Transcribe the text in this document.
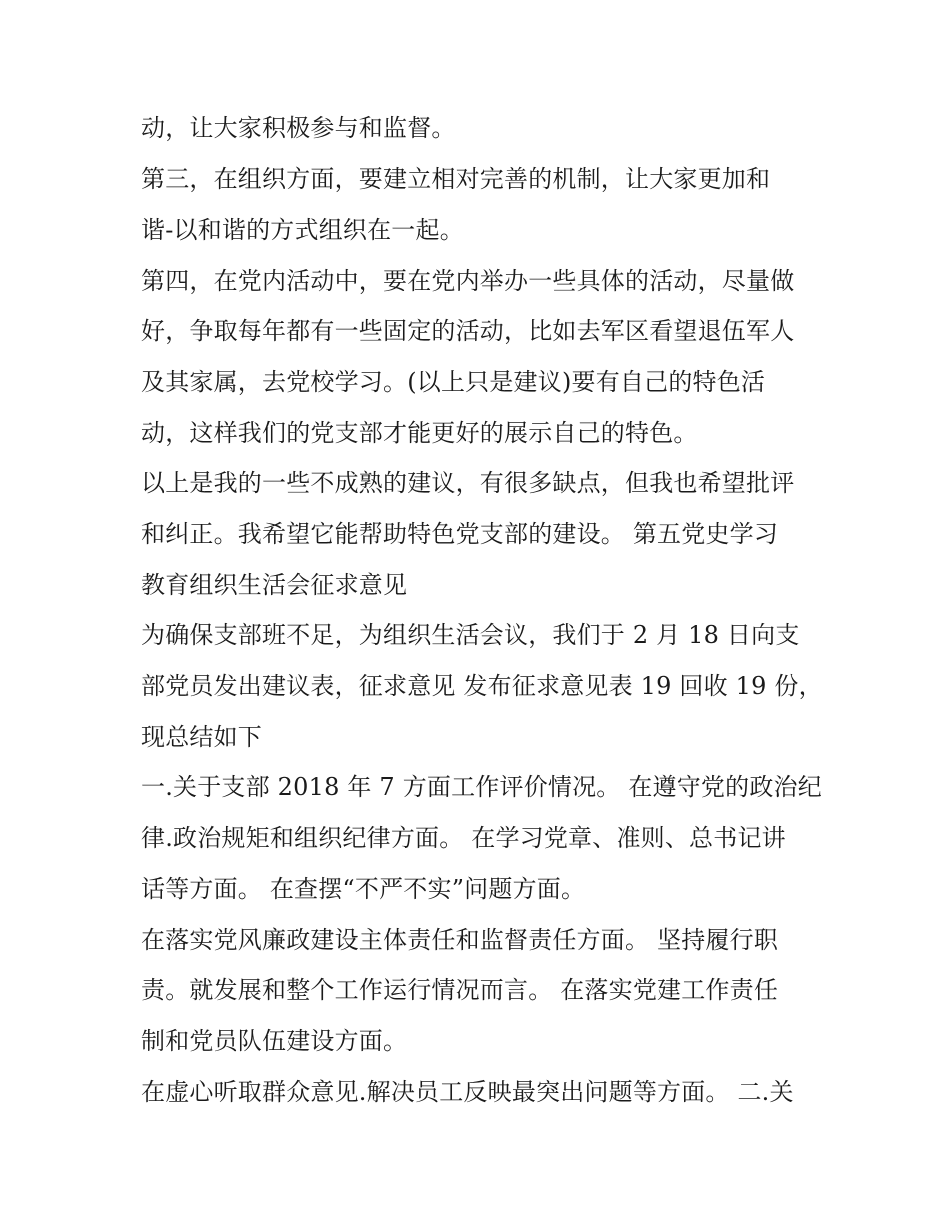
动，让大家积极参与和监督。
第三，在组织方面，要建立相对完善的机制，让大家更加和
谐-以和谐的方式组织在一起。
第四，在党内活动中，要在党内举办一些具体的活动，尽量做
好，争取每年都有一些固定的活动，比如去军区看望退伍军人
及其家属，去党校学习。(以上只是建议)要有自己的特色活
动，这样我们的党支部才能更好的展示自己的特色。
以上是我的一些不成熟的建议，有很多缺点，但我也希望批评
和纠正。我希望它能帮助特色党支部的建设。 第五党史学习
教育组织生活会征求意见
为确保支部班不足，为组织生活会议，我们于 2 月 18 日向支
部党员发出建议表，征求意见 发布征求意见表 19 回收 19 份，
现总结如下
一.关于支部 2018 年 7 方面工作评价情况。 在遵守党的政治纪
律.政治规矩和组织纪律方面。 在学习党章、准则、总书记讲
话等方面。 在查摆“不严不实”问题方面。
在落实党风廉政建设主体责任和监督责任方面。 坚持履行职
责。就发展和整个工作运行情况而言。 在落实党建工作责任
制和党员队伍建设方面。
在虚心听取群众意见.解决员工反映最突出问题等方面。 二.关
